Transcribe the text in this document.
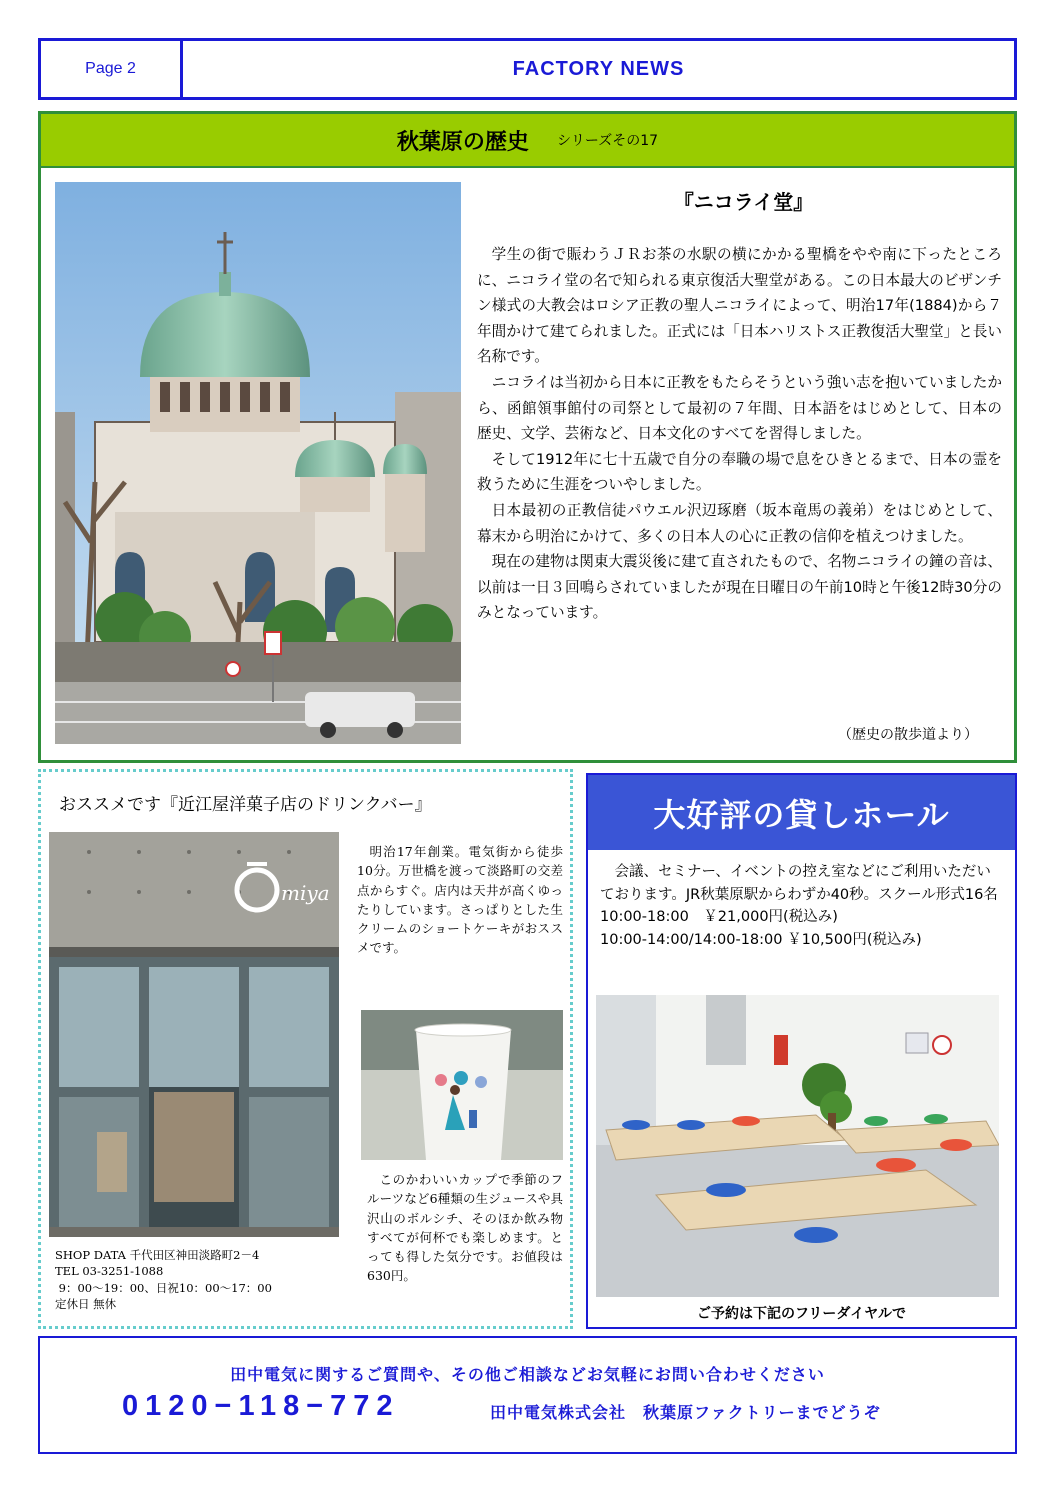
Page 2	FACTORY NEWS
秋葉原の歴史 シリーズその17
『ニコライ堂』

学生の街で賑わうＪＲお茶の水駅の横にかかる聖橋をやや南に下ったところに、ニコライ堂の名で知られる東京復活大聖堂がある。この日本最大のビザンチン様式の大教会はロシア正教の聖人ニコライによって、明治17年(1884)から７年間かけて建てられました。正式には「日本ハリストス正教復活大聖堂」と長い名称です。

ニコライは当初から日本に正教をもたらそうという強い志を抱いていましたから、函館領事館付の司祭として最初の７年間、日本語をはじめとして、日本の歴史、文学、芸術など、日本文化のすべてを習得しました。

そして1912年に七十五歳で自分の奉職の場で息をひきとるまで、日本の霊を救うために生涯をついやしました。

日本最初の正教信徒パウエル沢辺琢磨（坂本竜馬の義弟）をはじめとして、幕末から明治にかけて、多くの日本人の心に正教の信仰を植えつけました。

現在の建物は関東大震災後に建て直されたもので、名物ニコライの鐘の音は、以前は一日３回鳴らされていましたが現在日曜日の午前10時と午後12時30分のみとなっています。

（歴史の散歩道より）
おススメです『近江屋洋菓子店のドリンクバー』
miya
明治17年創業。電気街から徒歩10分。万世橋を渡って淡路町の交差点からすぐ。店内は天井が高くゆったりしています。さっぱりとした生クリームのショートケーキがおススメです。
このかわいいカップで季節のフルーツなど6種類の生ジュースや具沢山のボルシチ、そのほか飲み物すべてが何杯でも楽しめます。とっても得した気分です。お値段は630円。
SHOP DATA 千代田区神田淡路町2－4
TEL 03-3251-1088
9：00～19：00、日祝10：00～17：00
定休日 無休
大好評の貸しホール
会議、セミナー、イベントの控え室などにご利用いただいております。JR秋葉原駅からわずか40秒。スクール形式16名
10:00-18:00　￥21,000円(税込み)
10:00-14:00/14:00-18:00 ￥10,500円(税込み)
ご予約は下記のフリーダイヤルで
田中電気に関するご質問や、その他ご相談などお気軽にお問い合わせください
0120−118−772	田中電気株式会社　秋葉原ファクトリーまでどうぞ
